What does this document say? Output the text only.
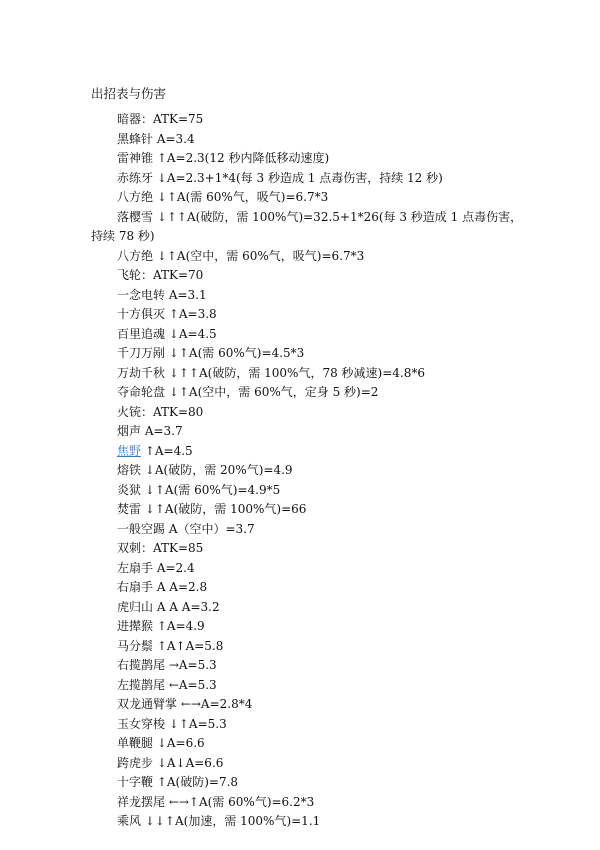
出招表与伤害
暗器：ATK=75
黑蜂针 A=3.4
雷神锥 ↑A=2.3(12 秒内降低移动速度)
赤练牙 ↓A=2.3+1*4(每 3 秒造成 1 点毒伤害，持续 12 秒)
八方绝 ↓↑A(需 60%气，吸气)=6.7*3
落樱雪 ↓↑↑A(破防，需 100%气)=32.5+1*26(每 3 秒造成 1 点毒伤害，持续 78 秒)
八方绝 ↓↑A(空中，需 60%气，吸气)=6.7*3
飞轮：ATK=70
一念电转 A=3.1
十方俱灭 ↑A=3.8
百里追魂 ↓A=4.5
千刀万剐 ↓↑A(需 60%气)=4.5*3
万劫千秋 ↓↑↑A(破防，需 100%气，78 秒减速)=4.8*6
夺命轮盘 ↓↑A(空中，需 60%气，定身 5 秒)=2
火铳：ATK=80
烟声 A=3.7
焦野 ↑A=4.5
熔铁 ↓A(破防，需 20%气)=4.9
炎狱 ↓↑A(需 60%气)=4.9*5
焚雷 ↓↑A(破防，需 100%气)=66
一般空踢 A（空中）=3.7
双刺：ATK=85
左扇手 A=2.4
右扇手 A A=2.8
虎归山 A A A=3.2
进撵猴 ↑A=4.9
马分鬃 ↑A↑A=5.8
右揽鹊尾 →A=5.3
左揽鹊尾 ←A=5.3
双龙通臂掌 ←→A=2.8*4
玉女穿梭 ↓↑A=5.3
单鞭腿 ↓A=6.6
跨虎步 ↓A↓A=6.6
十字鞭 ↑A(破防)=7.8
祥龙摆尾 ←→↑A(需 60%气)=6.2*3
乘风 ↓↓↑A(加速，需 100%气)=1.1
